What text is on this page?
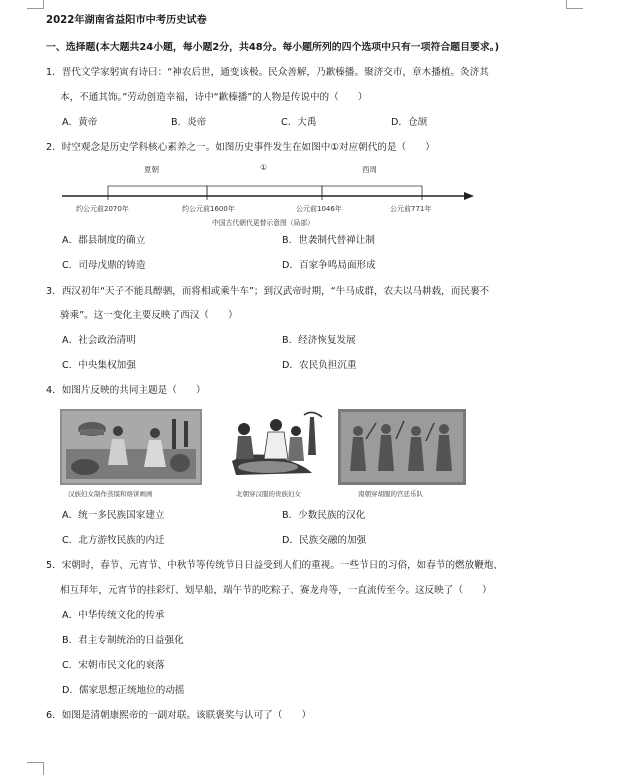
2022年湖南省益阳市中考历史试卷
一、选择题(本大题共24小题，每小题2分，共48分。每小题所列的四个选项中只有一项符合题目要求。)
1．晋代文学家躬寅有诗曰：“神农后世，通变该极。民众善解，乃歉榛播。聚济交市，章木播植。灸济其
本，不通其饰。”劳动创造幸福，诗中“歉榛播”的人物是传说中的（　　）
A．黄帝	B．炎帝	C．大禹	D．仓颉
2．时空观念是历史学科核心素养之一。如图历史事件发生在如图中①对应朝代的是（　　）
夏朝	①	西周
约公元前2070年	约公元前1600年	公元前1046年	公元前771年
中国古代朝代更替示意图（局部）
A．郡县制度的确立	B．世袭制代替禅让制
C．司母戊鼎的铸造	D．百家争鸣局面形成
3．西汉初年“天子不能具醇驷，而将相或乘牛车”；到汉武帝时期，“牛马成群，农夫以马耕载，而民裹不
骑乘”。这一变化主要反映了西汉（　　）
A．社会政治清明	B．经济恢复发展
C．中央集权加强	D．农民负担沉重
4．如图片反映的共同主题是（　　）
汉族妇女制作蒸馍和烙饼画画	北朝穿汉服的贵族妇女	南朝穿胡服的宫廷乐队
A．统一多民族国家建立	B．少数民族的汉化
C．北方游牧民族的内迁	D．民族交融的加强
5．宋朝时，春节、元宵节、中秋节等传统节日日益受到人们的重视。一些节日的习俗，如春节的燃放鞭炮、
相互拜年，元宵节的挂彩灯、划旱船，端午节的吃粽子、赛龙舟等，一直流传至今。这反映了（　　）
A．中华传统文化的传承
B．君主专制统治的日益强化
C．宋朝市民文化的衰落
D．儒家思想正统地位的动摇
6．如图是清朝康熙帝的一副对联。该联褒奖与认可了（　　）
